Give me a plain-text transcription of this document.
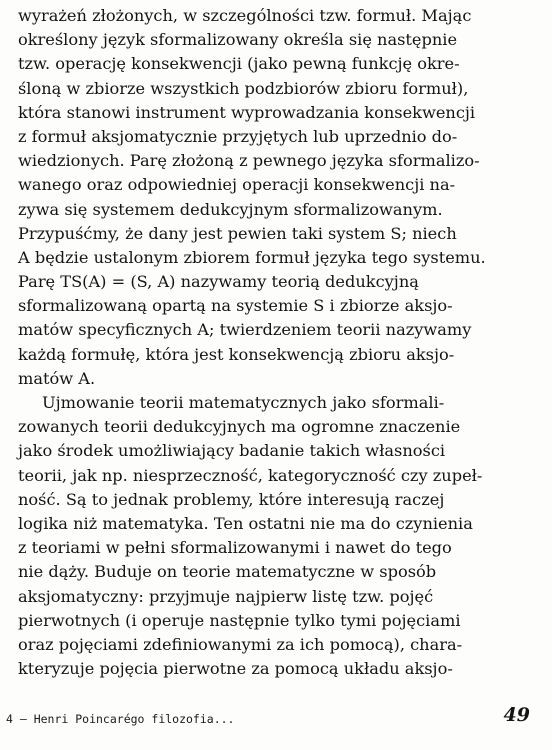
wyrażeń złożonych, w szczególności tzw. formuł. Mając
określony język sformalizowany określa się następnie
tzw. operację konsekwencji (jako pewną funkcję okre-
śloną w zbiorze wszystkich podzbiorów zbioru formuł),
która stanowi instrument wyprowadzania konsekwencji
z formuł aksjomatycznie przyjętych lub uprzednio do-
wiedzionych. Parę złożoną z pewnego języka sformalizo-
wanego oraz odpowiedniej operacji konsekwencji na-
zywa się systemem dedukcyjnym sformalizowanym.
Przypuśćmy, że dany jest pewien taki system S; niech
A będzie ustalonym zbiorem formuł języka tego systemu.
Parę TS(A) = (S, A) nazywamy teorią dedukcyjną
sformalizowaną opartą na systemie S i zbiorze aksjo-
matów specyficznych A; twierdzeniem teorii nazywamy
każdą formułę, która jest konsekwencją zbioru aksjo-
matów A.
Ujmowanie teorii matematycznych jako sformali-
zowanych teorii dedukcyjnych ma ogromne znaczenie
jako środek umożliwiający badanie takich własności
teorii, jak np. niesprzeczność, kategoryczność czy zupeł-
ność. Są to jednak problemy, które interesują raczej
logika niż matematyka. Ten ostatni nie ma do czynienia
z teoriami w pełni sformalizowanymi i nawet do tego
nie dąży. Buduje on teorie matematyczne w sposób
aksjomatyczny: przyjmuje najpierw listę tzw. pojęć
pierwotnych (i operuje następnie tylko tymi pojęciami
oraz pojęciami zdefiniowanymi za ich pomocą), chara-
kteryzuje pojęcia pierwotne za pomocą układu aksjo-
4 — Henri Poincarégo filozofia...	49
